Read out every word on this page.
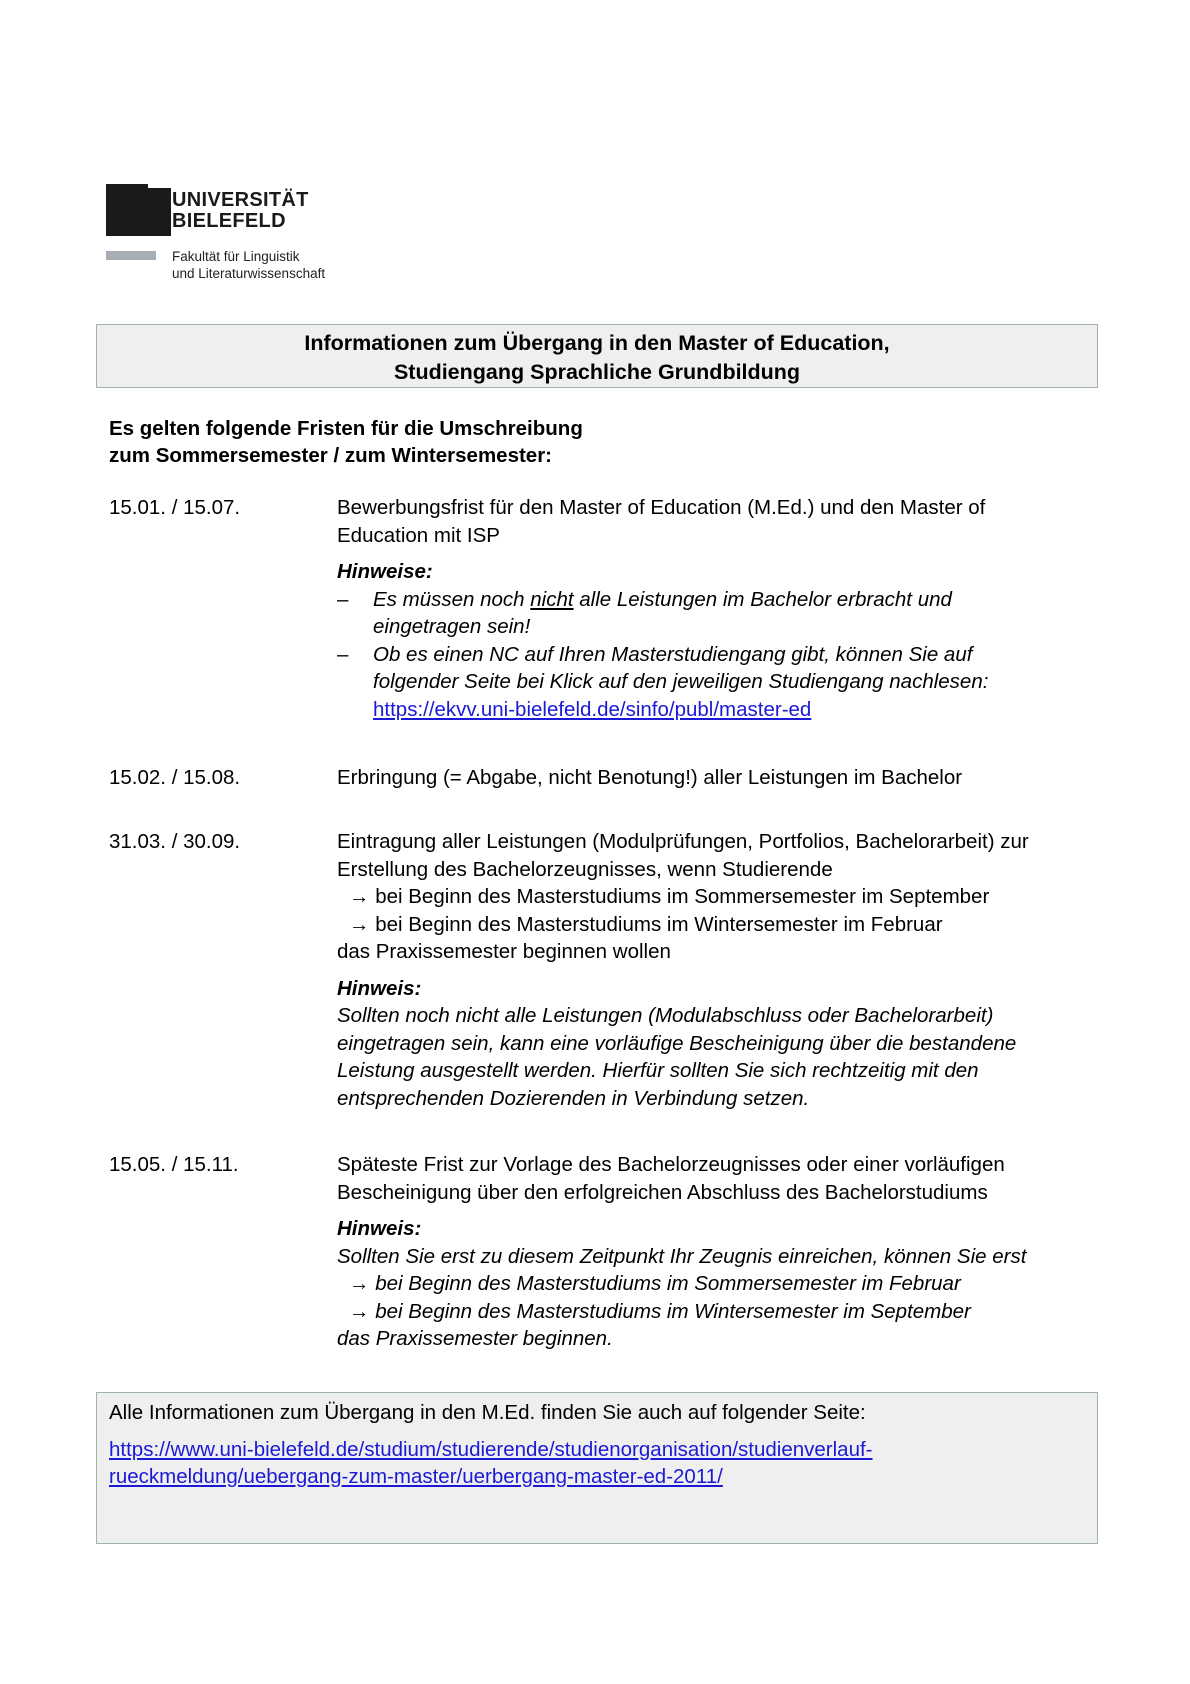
UNIVERSITÄT
BIELEFELD
Fakultät für Linguistik
und Literaturwissenschaft
Informationen zum Übergang in den Master of Education,
Studiengang Sprachliche Grundbildung
Es gelten folgende Fristen für die Umschreibung
zum Sommersemester / zum Wintersemester:
15.01. / 15.07.	Bewerbungsfrist für den Master of Education (M.Ed.) und den Master of
Education mit ISP
Hinweise:
– Es müssen noch nicht alle Leistungen im Bachelor erbracht und
eingetragen sein!
– Ob es einen NC auf Ihren Masterstudiengang gibt, können Sie auf
folgender Seite bei Klick auf den jeweiligen Studiengang nachlesen:
https://ekvv.uni-bielefeld.de/sinfo/publ/master-ed
15.02. / 15.08.	Erbringung (= Abgabe, nicht Benotung!) aller Leistungen im Bachelor
31.03. / 30.09.	Eintragung aller Leistungen (Modulprüfungen, Portfolios, Bachelorarbeit) zur
Erstellung des Bachelorzeugnisses, wenn Studierende
→ bei Beginn des Masterstudiums im Sommersemester im September
→ bei Beginn des Masterstudiums im Wintersemester im Februar
das Praxissemester beginnen wollen
Hinweis:
Sollten noch nicht alle Leistungen (Modulabschluss oder Bachelorarbeit)
eingetragen sein, kann eine vorläufige Bescheinigung über die bestandene
Leistung ausgestellt werden. Hierfür sollten Sie sich rechtzeitig mit den
entsprechenden Dozierenden in Verbindung setzen.
15.05. / 15.11.	Späteste Frist zur Vorlage des Bachelorzeugnisses oder einer vorläufigen
Bescheinigung über den erfolgreichen Abschluss des Bachelorstudiums
Hinweis:
Sollten Sie erst zu diesem Zeitpunkt Ihr Zeugnis einreichen, können Sie erst
→ bei Beginn des Masterstudiums im Sommersemester im Februar
→ bei Beginn des Masterstudiums im Wintersemester im September
das Praxissemester beginnen.
Alle Informationen zum Übergang in den M.Ed. finden Sie auch auf folgender Seite:
https://www.uni-bielefeld.de/studium/studierende/studienorganisation/studienverlauf-
rueckmeldung/uebergang-zum-master/uerbergang-master-ed-2011/
